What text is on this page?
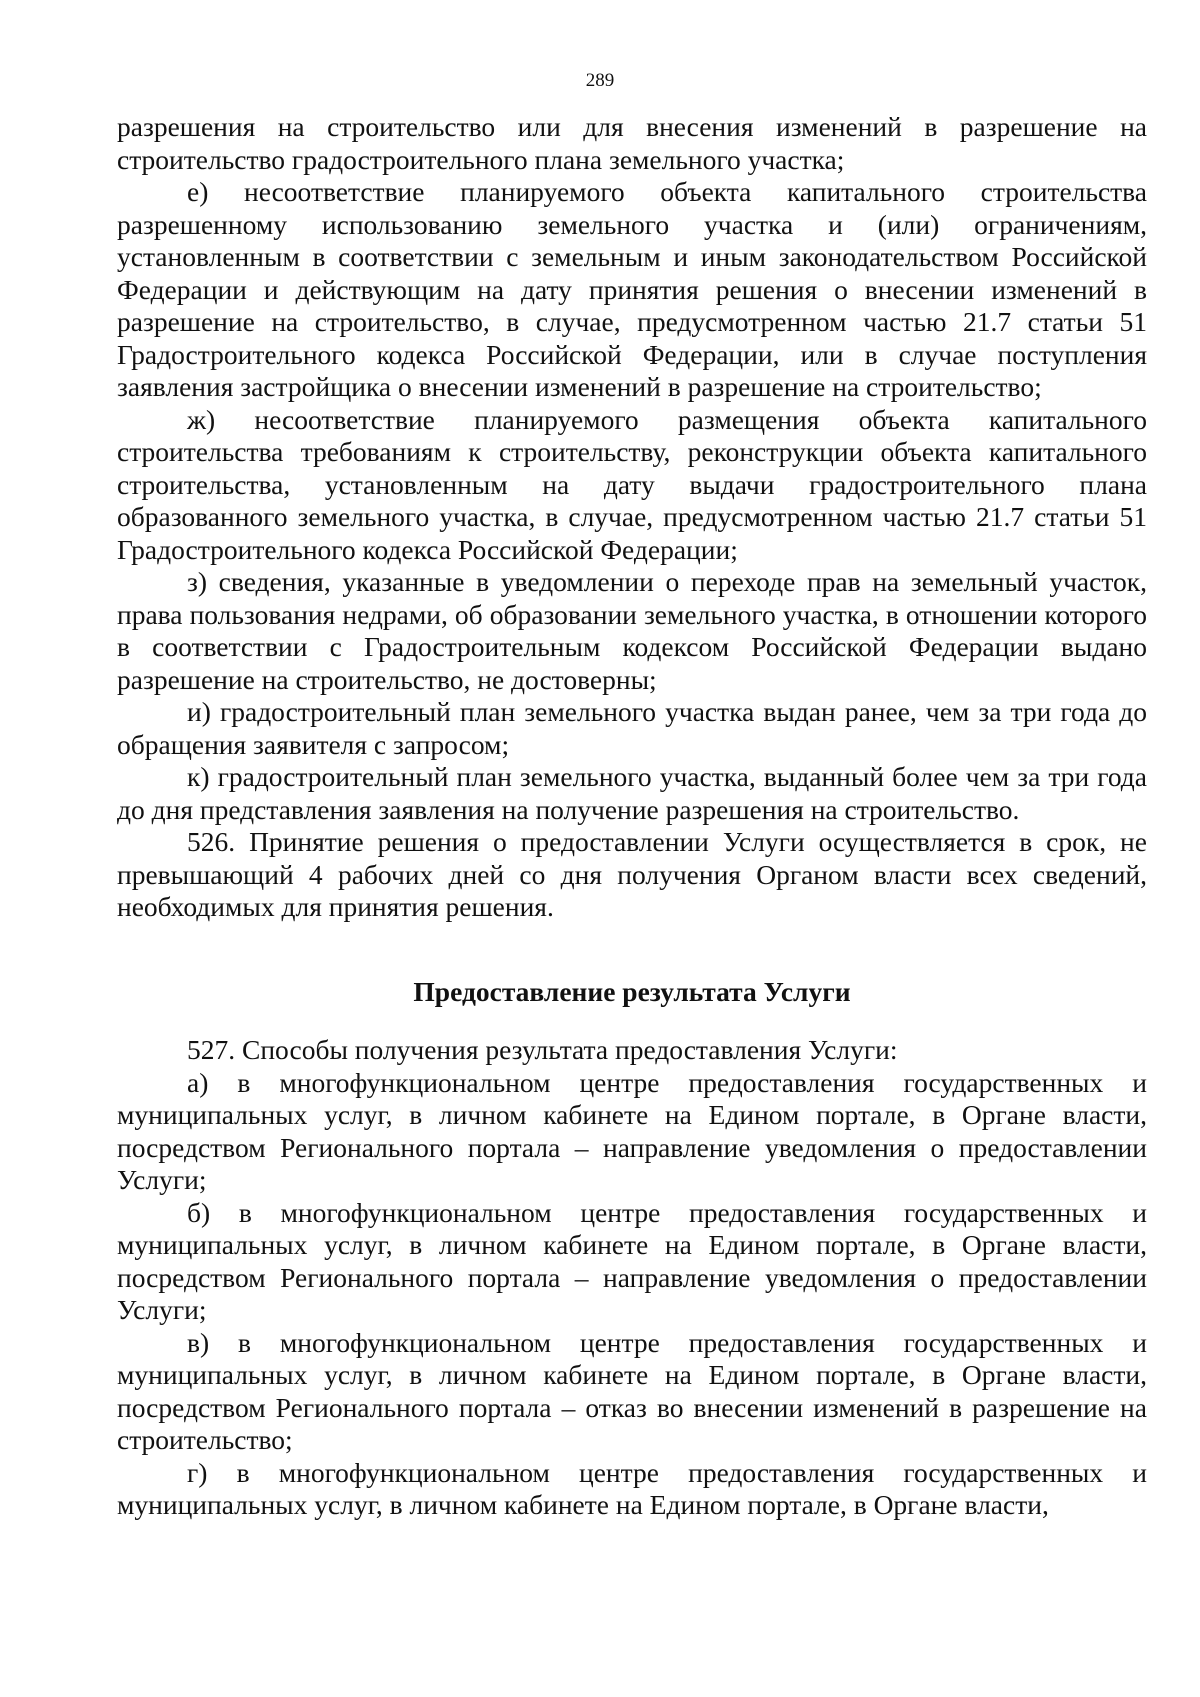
289

разрешения на строительство или для внесения изменений в разрешение на строительство градостроительного плана земельного участка;

е) несоответствие планируемого объекта капитального строительства разрешенному использованию земельного участка и (или) ограничениям, установленным в соответствии с земельным и иным законодательством Российской Федерации и действующим на дату принятия решения о внесении изменений в разрешение на строительство, в случае, предусмотренном частью 21.7 статьи 51 Градостроительного кодекса Российской Федерации, или в случае поступления заявления застройщика о внесении изменений в разрешение на строительство;

ж) несоответствие планируемого размещения объекта капитального строительства требованиям к строительству, реконструкции объекта капитального строительства, установленным на дату выдачи градостроительного плана образованного земельного участка, в случае, предусмотренном частью 21.7 статьи 51 Градостроительного кодекса Российской Федерации;

з) сведения, указанные в уведомлении о переходе прав на земельный участок, права пользования недрами, об образовании земельного участка, в отношении которого в соответствии с Градостроительным кодексом Российской Федерации выдано разрешение на строительство, не достоверны;

и) градостроительный план земельного участка выдан ранее, чем за три года до обращения заявителя с запросом;

к) градостроительный план земельного участка, выданный более чем за три года до дня представления заявления на получение разрешения на строительство.

526. Принятие решения о предоставлении Услуги осуществляется в срок, не превышающий 4 рабочих дней со дня получения Органом власти всех сведений, необходимых для принятия решения.

Предоставление результата Услуги

527. Способы получения результата предоставления Услуги:

а) в многофункциональном центре предоставления государственных и муниципальных услуг, в личном кабинете на Едином портале, в Органе власти, посредством Регионального портала – направление уведомления о предоставлении Услуги;

б) в многофункциональном центре предоставления государственных и муниципальных услуг, в личном кабинете на Едином портале, в Органе власти, посредством Регионального портала – направление уведомления о предоставлении Услуги;

в) в многофункциональном центре предоставления государственных и муниципальных услуг, в личном кабинете на Едином портале, в Органе власти, посредством Регионального портала – отказ во внесении изменений в разрешение на строительство;

г) в многофункциональном центре предоставления государственных и муниципальных услуг, в личном кабинете на Едином портале, в Органе власти,
